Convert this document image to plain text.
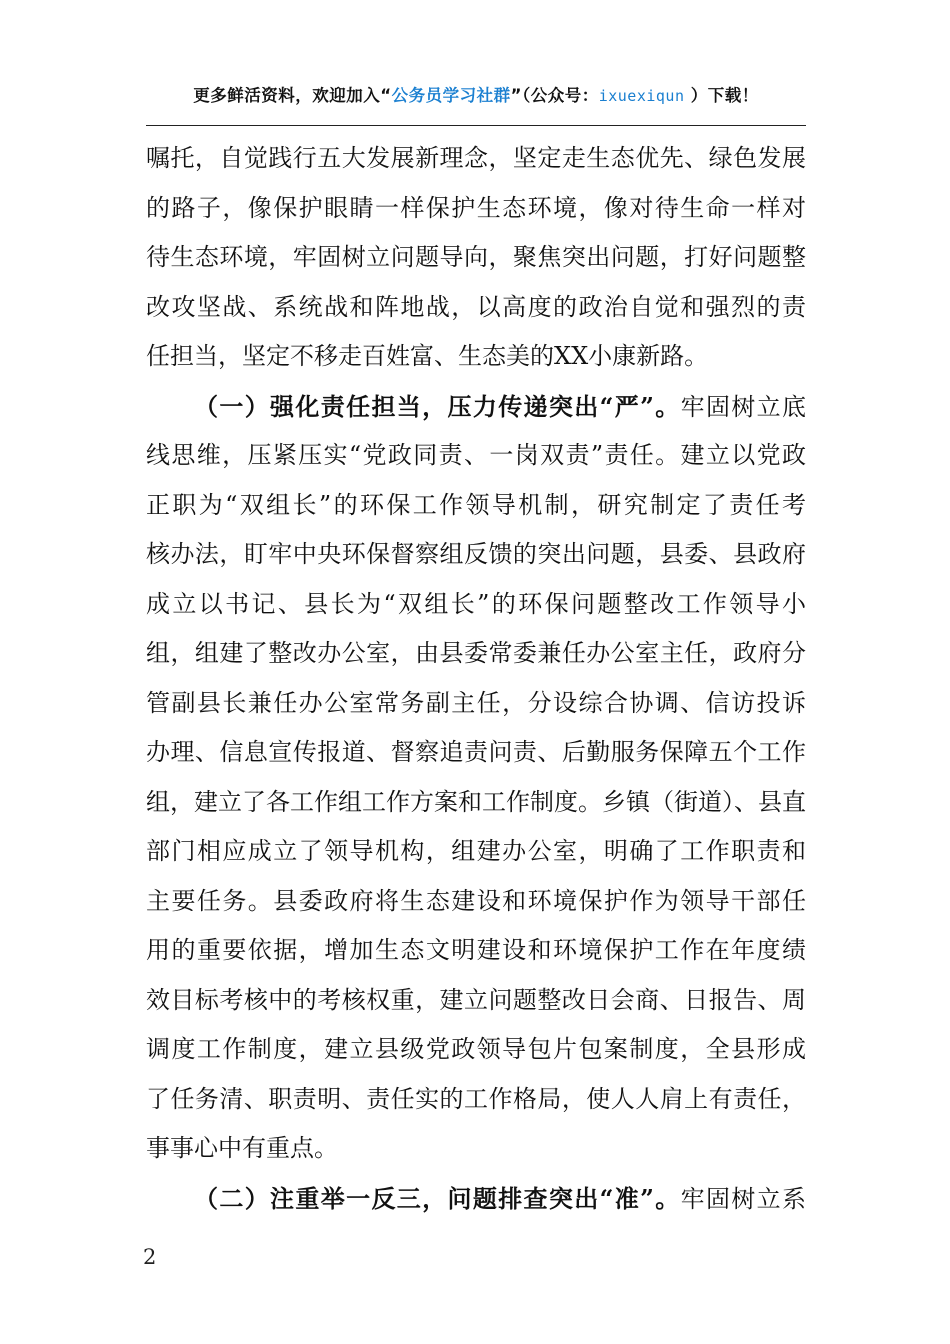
更多鲜活资料，欢迎加入“公务员学习社群”（公众号：ixuexiqun ）下载！
嘱托，自觉践行五大发展新理念，坚定走生态优先、绿色发展
的路子，像保护眼睛一样保护生态环境，像对待生命一样对
待生态环境，牢固树立问题导向，聚焦突出问题，打好问题整
改攻坚战、系统战和阵地战，以高度的政治自觉和强烈的责
任担当，坚定不移走百姓富、生态美的XX小康新路。
（一）强化责任担当，压力传递突出“严”。牢固树立底
线思维，压紧压实“党政同责、一岗双责”责任。建立以党政
正职为“双组长”的环保工作领导机制，研究制定了责任考
核办法，盯牢中央环保督察组反馈的突出问题，县委、县政府
成立以书记、县长为“双组长”的环保问题整改工作领导小
组，组建了整改办公室，由县委常委兼任办公室主任，政府分
管副县长兼任办公室常务副主任，分设综合协调、信访投诉
办理、信息宣传报道、督察追责问责、后勤服务保障五个工作
组，建立了各工作组工作方案和工作制度。乡镇（街道）、县直
部门相应成立了领导机构，组建办公室，明确了工作职责和
主要任务。县委政府将生态建设和环境保护作为领导干部任
用的重要依据，增加生态文明建设和环境保护工作在年度绩
效目标考核中的考核权重，建立问题整改日会商、日报告、周
调度工作制度，建立县级党政领导包片包案制度，全县形成
了任务清、职责明、责任实的工作格局，使人人肩上有责任，
事事心中有重点。
（二）注重举一反三，问题排查突出“准”。牢固树立系
2
